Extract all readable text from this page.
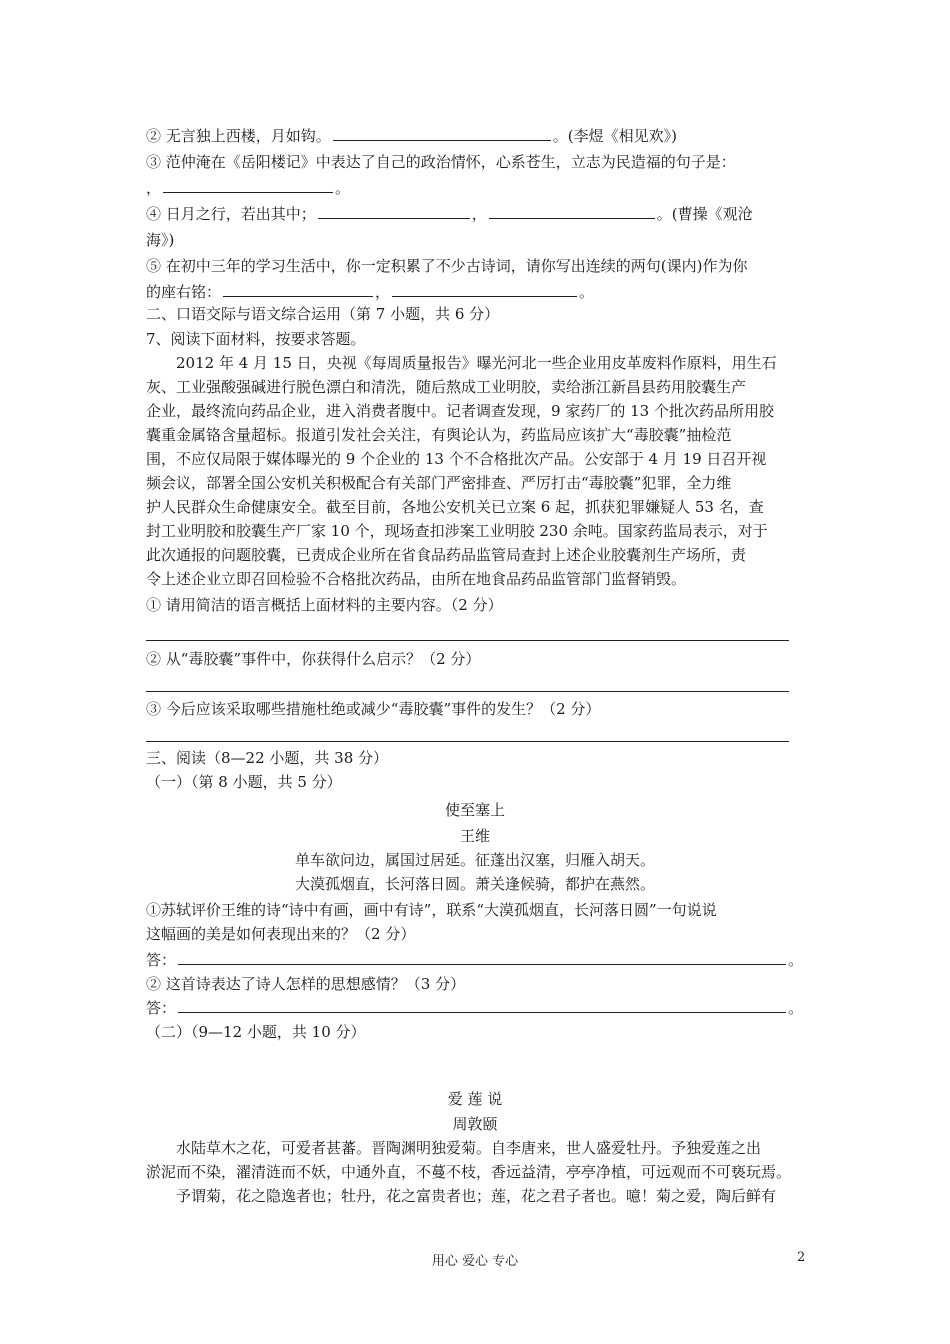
② 无言独上西楼，月如钩。	。(李煜《相见欢》)
③ 范仲淹在《岳阳楼记》中表达了自己的政治情怀，心系苍生，立志为民造福的句子是：
，	。
④ 日月之行，若出其中；	，	。(曹操《观沧
海》)
⑤ 在初中三年的学习生活中，你一定积累了不少古诗词，请你写出连续的两句(课内)作为你
的座右铭：	，	。
二、口语交际与语文综合运用（第 7 小题，共 6 分）
7、阅读下面材料，按要求答题。
2012 年 4 月 15 日，央视《每周质量报告》曝光河北一些企业用皮革废料作原料，用生石
灰、工业强酸强碱进行脱色漂白和清洗，随后熬成工业明胶，卖给浙江新昌县药用胶囊生产
企业，最终流向药品企业，进入消费者腹中。记者调查发现，9 家药厂的 13 个批次药品所用胶
囊重金属铬含量超标。报道引发社会关注，有舆论认为，药监局应该扩大“毒胶囊”抽检范
围，不应仅局限于媒体曝光的 9 个企业的 13 个不合格批次产品。公安部于 4 月 19 日召开视
频会议，部署全国公安机关积极配合有关部门严密排查、严厉打击“毒胶囊”犯罪，全力维
护人民群众生命健康安全。截至目前，各地公安机关已立案 6 起，抓获犯罪嫌疑人 53 名，查
封工业明胶和胶囊生产厂家 10 个，现场查扣涉案工业明胶 230 余吨。国家药监局表示，对于
此次通报的问题胶囊，已责成企业所在省食品药品监管局查封上述企业胶囊剂生产场所，责
令上述企业立即召回检验不合格批次药品，由所在地食品药品监管部门监督销毁。
① 请用简洁的语言概括上面材料的主要内容。（2 分）
② 从“毒胶囊”事件中，你获得什么启示？（2 分）
③ 今后应该采取哪些措施杜绝或减少“毒胶囊”事件的发生？（2 分）
三、阅读（8—22 小题，共 38 分）
（一）（第 8 小题，共 5 分）
使至塞上
王维
单车欲问边，属国过居延。征蓬出汉塞，归雁入胡天。
大漠孤烟直，长河落日圆。萧关逢候骑，都护在燕然。
①苏轼评价王维的诗“诗中有画，画中有诗”，联系“大漠孤烟直，长河落日圆”一句说说
这幅画的美是如何表现出来的？（2 分）
答：	。
② 这首诗表达了诗人怎样的思想感情？（3 分）
答：	。
（二）（9—12 小题，共 10 分）
爱 莲 说
周敦颐
水陆草木之花，可爱者甚蕃。晋陶渊明独爱菊。自李唐来，世人盛爱牡丹。予独爱莲之出
淤泥而不染，濯清涟而不妖，中通外直，不蔓不枝，香远益清，亭亭净植，可远观而不可亵玩焉。
予谓菊，花之隐逸者也；牡丹，花之富贵者也；莲，花之君子者也。噫！菊之爱，陶后鲜有
用心 爱心 专心	2
